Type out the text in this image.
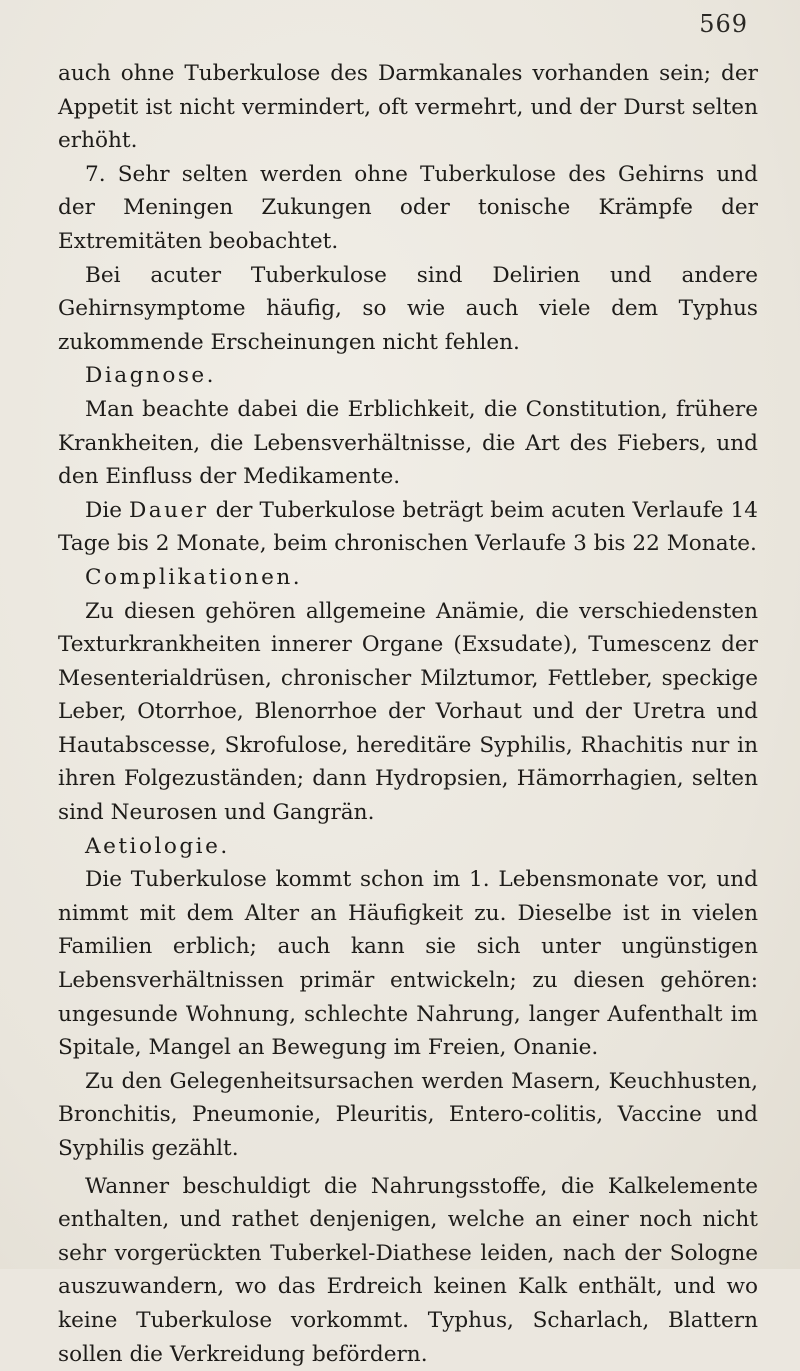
569

auch ohne Tuberkulose des Darmkanales vorhanden sein; der Appetit ist nicht vermindert, oft vermehrt, und der Durst selten erhöht.

7. Sehr selten werden ohne Tuberkulose des Gehirns und der Meningen Zukungen oder tonische Krämpfe der Extremitäten beobachtet.

Bei acuter Tuberkulose sind Delirien und andere Gehirnsymptome häufig, so wie auch viele dem Typhus zukommende Erscheinungen nicht fehlen.

Diagnose.

Man beachte dabei die Erblichkeit, die Constitution, frühere Krankheiten, die Lebensverhältnisse, die Art des Fiebers, und den Einfluss der Medikamente.

Die Dauer der Tuberkulose beträgt beim acuten Verlaufe 14 Tage bis 2 Monate, beim chronischen Verlaufe 3 bis 22 Monate.

Complikationen.

Zu diesen gehören allgemeine Anämie, die verschiedensten Texturkrankheiten innerer Organe (Exsudate), Tumescenz der Mesenterialdrüsen, chronischer Milztumor, Fettleber, speckige Leber, Otorrhoe, Blenorrhoe der Vorhaut und der Uretra und Hautabscesse, Skrofulose, hereditäre Syphilis, Rhachitis nur in ihren Folgezuständen; dann Hydropsien, Hämorrhagien, selten sind Neurosen und Gangrän.

Aetiologie.

Die Tuberkulose kommt schon im 1. Lebensmonate vor, und nimmt mit dem Alter an Häufigkeit zu. Dieselbe ist in vielen Familien erblich; auch kann sie sich unter ungünstigen Lebensverhältnissen primär entwickeln; zu diesen gehören: ungesunde Wohnung, schlechte Nahrung, langer Aufenthalt im Spitale, Mangel an Bewegung im Freien, Onanie.

Zu den Gelegenheitsursachen werden Masern, Keuchhusten, Bronchitis, Pneumonie, Pleuritis, Entero-colitis, Vaccine und Syphilis gezählt.

Wanner beschuldigt die Nahrungsstoffe, die Kalkelemente enthalten, und rathet denjenigen, welche an einer noch nicht sehr vorgerückten Tuberkel-Diathese leiden, nach der Sologne auszuwandern, wo das Erdreich keinen Kalk enthält, und wo keine Tuberkulose vorkommt. Typhus, Scharlach, Blattern sollen die Verkreidung befördern.
